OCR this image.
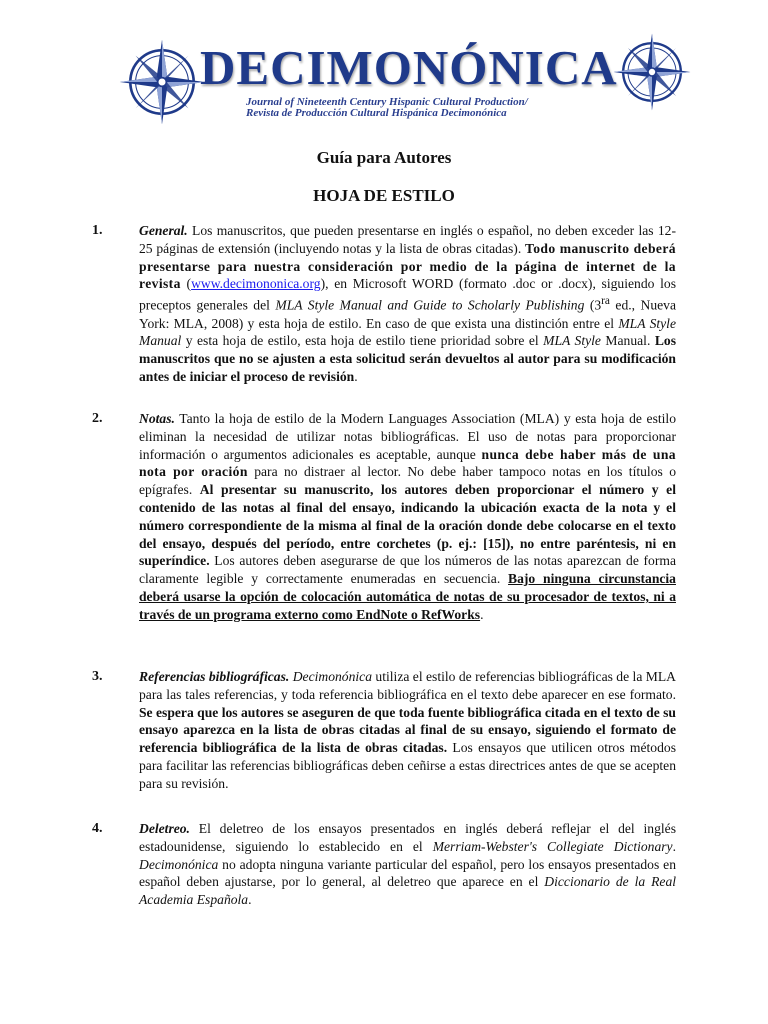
DECIMONÓNICA
Journal of Nineteenth Century Hispanic Cultural Production/
Revista de Producción Cultural Hispánica Decimonónica
Guía para Autores
HOJA DE ESTILO
1.	General. Los manuscritos, que pueden presentarse en inglés o español, no deben exceder las 12-25 páginas de extensión (incluyendo notas y la lista de obras citadas). Todo manuscrito deberá presentarse para nuestra consideración por medio de la página de internet de la revista (www.decimononica.org), en Microsoft WORD (formato .doc or .docx), siguiendo los preceptos generales del MLA Style Manual and Guide to Scholarly Publishing ($3^{ra}$ ed., Nueva York: MLA, 2008) y esta hoja de estilo. En caso de que exista una distinción entre el MLA Style Manual y esta hoja de estilo, esta hoja de estilo tiene prioridad sobre el MLA Style Manual. Los manuscritos que no se ajusten a esta solicitud serán devueltos al autor para su modificación antes de iniciar el proceso de revisión.
2.	Notas. Tanto la hoja de estilo de la Modern Languages Association (MLA) y esta hoja de estilo eliminan la necesidad de utilizar notas bibliográficas. El uso de notas para proporcionar información o argumentos adicionales es aceptable, aunque nunca debe haber más de una nota por oración para no distraer al lector. No debe haber tampoco notas en los títulos o epígrafes. Al presentar su manuscrito, los autores deben proporcionar el número y el contenido de las notas al final del ensayo, indicando la ubicación exacta de la nota y el número correspondiente de la misma al final de la oración donde debe colocarse en el texto del ensayo, después del período, entre corchetes (p. ej.: [15]), no entre paréntesis, ni en superíndice. Los autores deben asegurarse de que los números de las notas aparezcan de forma claramente legible y correctamente enumeradas en secuencia. Bajo ninguna circunstancia deberá usarse la opción de colocación automática de notas de su procesador de textos, ni a través de un programa externo como EndNote o RefWorks.
3.	Referencias bibliográficas. Decimonónica utiliza el estilo de referencias bibliográficas de la MLA para las tales referencias, y toda referencia bibliográfica en el texto debe aparecer en ese formato. Se espera que los autores se aseguren de que toda fuente bibliográfica citada en el texto de su ensayo aparezca en la lista de obras citadas al final de su ensayo, siguiendo el formato de referencia bibliográfica de la lista de obras citadas. Los ensayos que utilicen otros métodos para facilitar las referencias bibliográficas deben ceñirse a estas directrices antes de que se acepten para su revisión.
4.	Deletreo. El deletreo de los ensayos presentados en inglés deberá reflejar el del inglés estadounidense, siguiendo lo establecido en el Merriam-Webster's Collegiate Dictionary. Decimonónica no adopta ninguna variante particular del español, pero los ensayos presentados en español deben ajustarse, por lo general, al deletreo que aparece en el Diccionario de la Real Academia Española.
